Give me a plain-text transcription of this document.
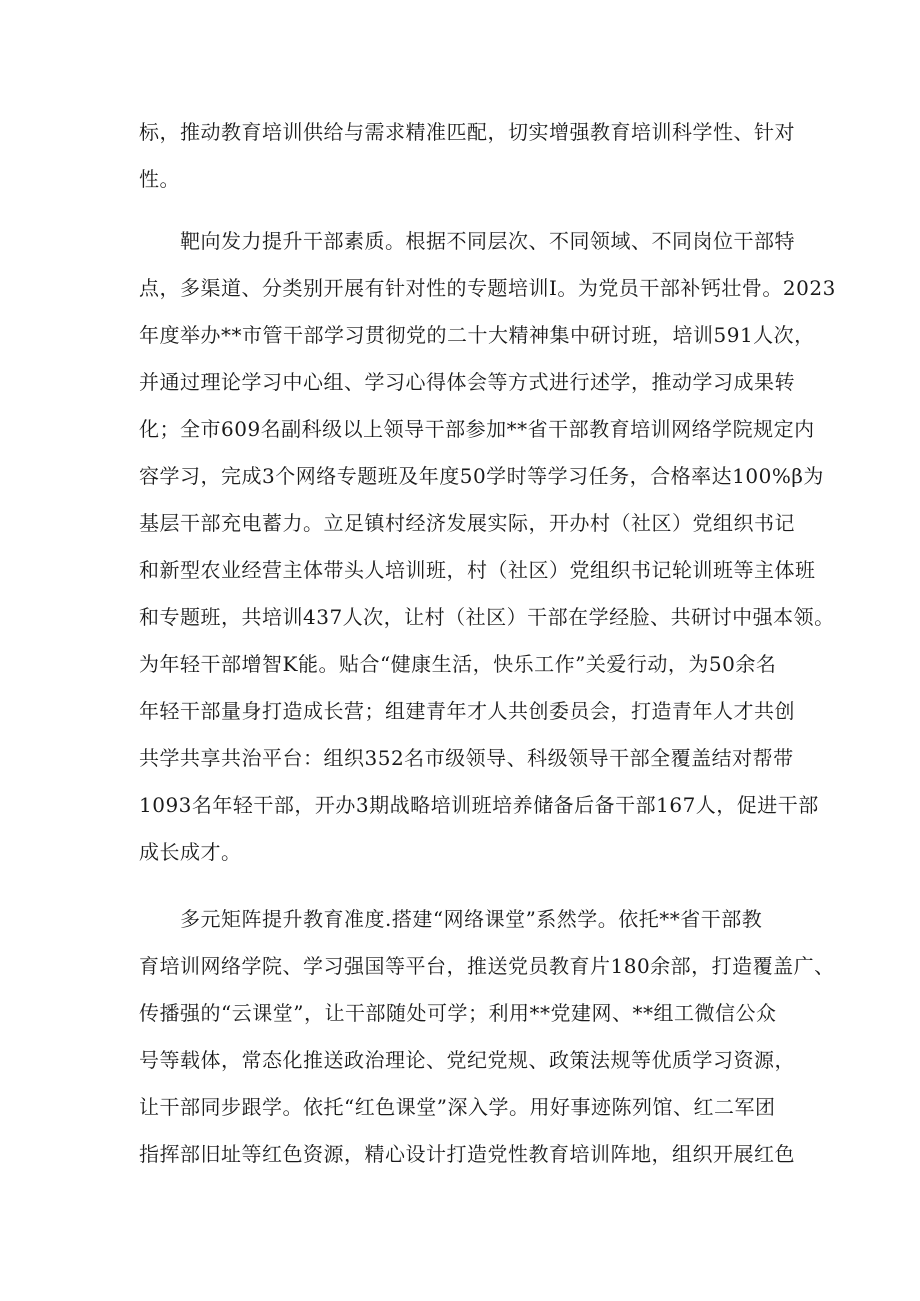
标，推动教育培训供给与需求精准匹配，切实增强教育培训科学性、针对
性。
靶向发力提升干部素质。根据不同层次、不同领域、不同岗位干部特
点，多渠道、分类别开展有针对性的专题培训I。为党员干部补钙壮骨。2023
年度举办**市管干部学习贯彻党的二十大精神集中研讨班，培训591人次，
并通过理论学习中心组、学习心得体会等方式进行述学，推动学习成果转
化；全市609名副科级以上领导干部参加**省干部教育培训网络学院规定内
容学习，完成3个网络专题班及年度50学时等学习任务，合格率达100%β为
基层干部充电蓄力。立足镇村经济发展实际，开办村（社区）党组织书记
和新型农业经营主体带头人培训班，村（社区）党组织书记轮训班等主体班
和专题班，共培训437人次，让村（社区）干部在学经脸、共研讨中强本领。
为年轻干部增智K能。贴合“健康生活，快乐工作”关爱行动，为50余名
年轻干部量身打造成长营；组建青年才人共创委员会，打造青年人才共创
共学共享共治平台：组织352名市级领导、科级领导干部全覆盖结对帮带
1093名年轻干部，开办3期战略培训班培养储备后备干部167人，促进干部
成长成才。
多元矩阵提升教育准度.搭建“网络课堂”系然学。依托**省干部教
育培训网络学院、学习强国等平台，推送党员教育片180余部，打造覆盖广、
传播强的“云课堂”，让干部随处可学；利用**党建网、**组工微信公众
号等载体，常态化推送政治理论、党纪党规、政策法规等优质学习资源，
让干部同步跟学。依托“红色课堂”深入学。用好事迹陈列馆、红二军团
指挥部旧址等红色资源，精心设计打造党性教育培训阵地，组织开展红色
